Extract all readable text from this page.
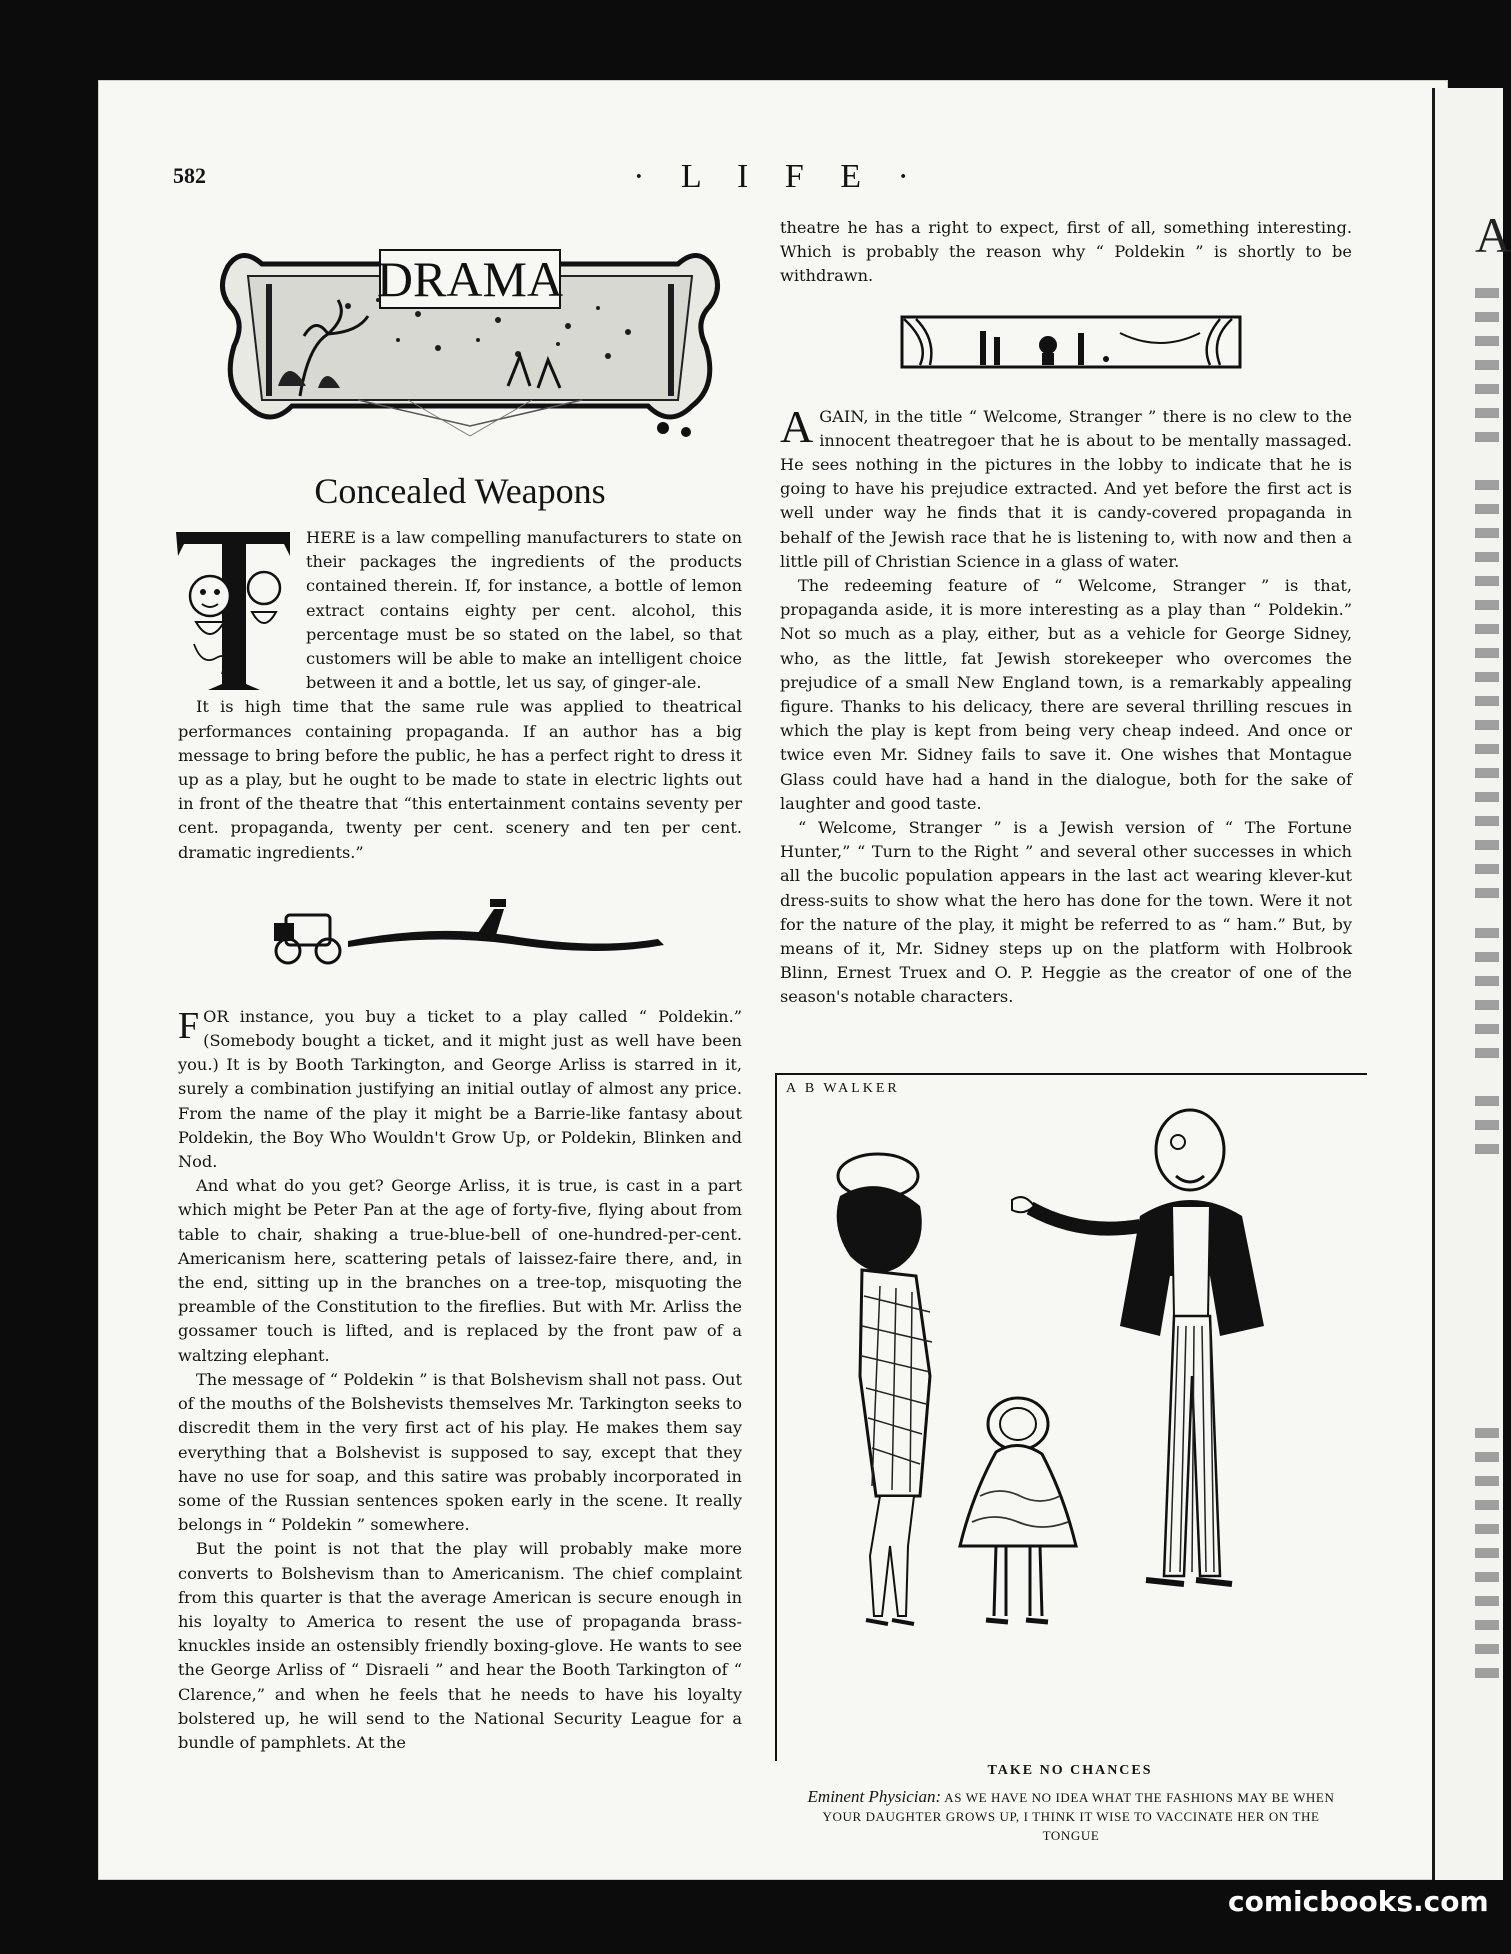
A
582	· L I F E ·
DRAMA
Concealed Weapons

HERE is a law compelling manufacturers to state on their packages the ingredients of the products contained therein. If, for instance, a bottle of lemon extract contains eighty per cent. alcohol, this percentage must be so stated on the label, so that customers will be able to make an intelligent choice between it and a bottle, let us say, of ginger-ale.

It is high time that the same rule was applied to theatrical performances containing propaganda. If an author has a big message to bring before the public, he has a perfect right to dress it up as a play, but he ought to be made to state in electric lights out in front of the theatre that “this entertainment contains seventy per cent. propaganda, twenty per cent. scenery and ten per cent. dramatic ingredients.”

FOR instance, you buy a ticket to a play called “ Poldekin.” (Somebody bought a ticket, and it might just as well have been you.) It is by Booth Tarkington, and George Arliss is starred in it, surely a combination justifying an initial outlay of almost any price. From the name of the play it might be a Barrie-like fantasy about Poldekin, the Boy Who Wouldn't Grow Up, or Poldekin, Blinken and Nod.

And what do you get? George Arliss, it is true, is cast in a part which might be Peter Pan at the age of forty-five, flying about from table to chair, shaking a true-blue-bell of one-hundred-per-cent. Americanism here, scattering petals of laissez-faire there, and, in the end, sitting up in the branches on a tree-top, misquoting the preamble of the Constitution to the fireflies. But with Mr. Arliss the gossamer touch is lifted, and is replaced by the front paw of a waltzing elephant.

The message of “ Poldekin ” is that Bolshevism shall not pass. Out of the mouths of the Bolshevists themselves Mr. Tarkington seeks to discredit them in the very first act of his play. He makes them say everything that a Bolshevist is supposed to say, except that they have no use for soap, and this satire was probably incorporated in some of the Russian sentences spoken early in the scene. It really belongs in “ Poldekin ” somewhere.

But the point is not that the play will probably make more converts to Bolshevism than to Americanism. The chief complaint from this quarter is that the average American is secure enough in his loyalty to America to resent the use of propaganda brass-knuckles inside an ostensibly friendly boxing-glove. He wants to see the George Arliss of “ Disraeli ” and hear the Booth Tarkington of “ Clarence,” and when he feels that he needs to have his loyalty bolstered up, he will send to the National Security League for a bundle of pamphlets. At the

theatre he has a right to expect, first of all, something interesting. Which is probably the reason why “ Poldekin ” is shortly to be withdrawn.

AGAIN, in the title “ Welcome, Stranger ” there is no clew to the innocent theatregoer that he is about to be mentally massaged. He sees nothing in the pictures in the lobby to indicate that he is going to have his prejudice extracted. And yet before the first act is well under way he finds that it is candy-covered propaganda in behalf of the Jewish race that he is listening to, with now and then a little pill of Christian Science in a glass of water.

The redeeming feature of “ Welcome, Stranger ” is that, propaganda aside, it is more interesting as a play than “ Poldekin.” Not so much as a play, either, but as a vehicle for George Sidney, who, as the little, fat Jewish storekeeper who overcomes the prejudice of a small New England town, is a remarkably appealing figure. Thanks to his delicacy, there are several thrilling rescues in which the play is kept from being very cheap indeed. And once or twice even Mr. Sidney fails to save it. One wishes that Montague Glass could have had a hand in the dialogue, both for the sake of laughter and good taste.

“ Welcome, Stranger ” is a Jewish version of “ The Fortune Hunter,” “ Turn to the Right ” and several other successes in which all the bucolic population appears in the last act wearing klever-kut dress-suits to show what the hero has done for the town. Were it not for the nature of the play, it might be referred to as “ ham.” But, by means of it, Mr. Sidney steps up on the platform with Holbrook Blinn, Ernest Truex and O. P. Heggie as the creator of one of the season's notable characters.

A B WALKER
TAKE NO CHANCES
Eminent Physician: AS WE HAVE NO IDEA WHAT THE FASHIONS MAY BE WHEN YOUR DAUGHTER GROWS UP, I THINK IT WISE TO VACCINATE HER ON THE TONGUE
comicbooks.com
